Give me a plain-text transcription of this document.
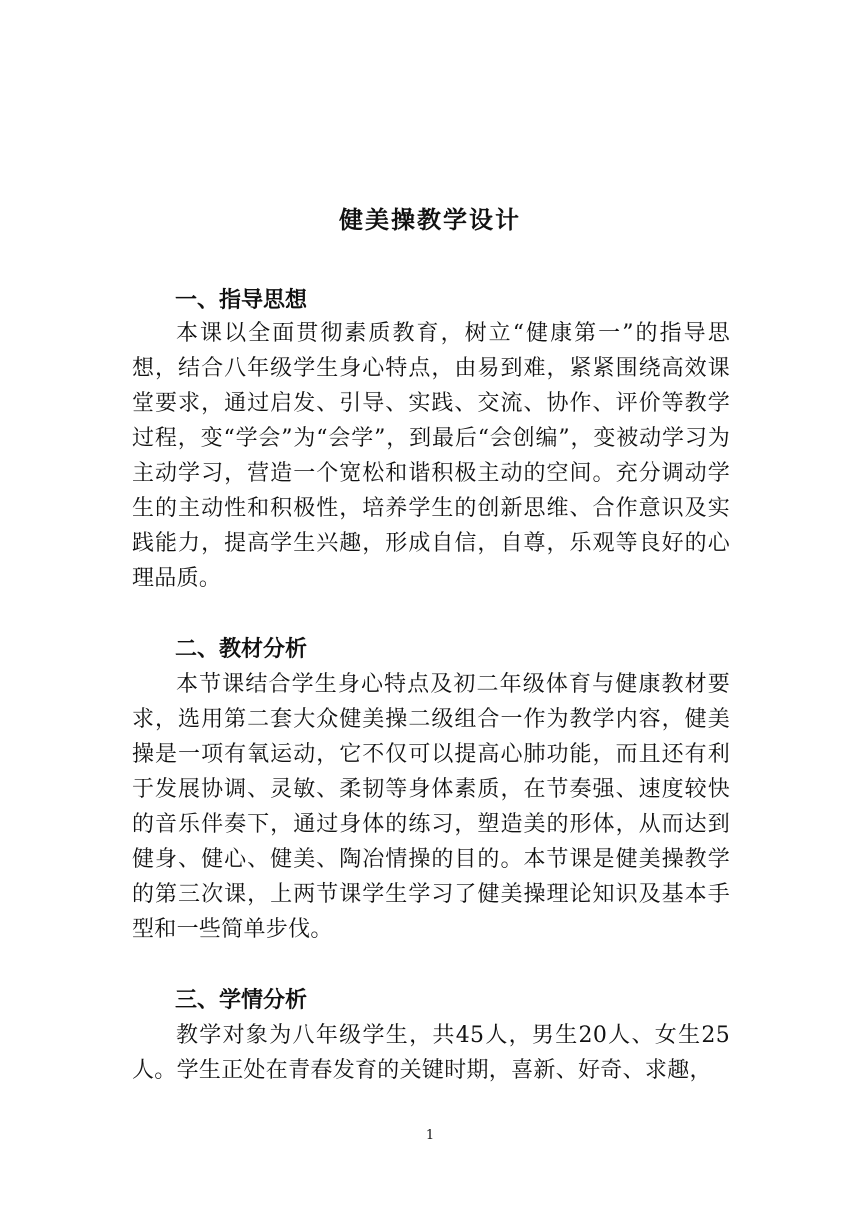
健美操教学设计
一、指导思想
本课以全面贯彻素质教育，树立“健康第一”的指导思想，结合八年级学生身心特点，由易到难，紧紧围绕高效课堂要求，通过启发、引导、实践、交流、协作、评价等教学过程，变“学会”为“会学”，到最后“会创编”，变被动学习为主动学习，营造一个宽松和谐积极主动的空间。充分调动学生的主动性和积极性，培养学生的创新思维、合作意识及实践能力，提高学生兴趣，形成自信，自尊，乐观等良好的心理品质。
二、教材分析
本节课结合学生身心特点及初二年级体育与健康教材要求，选用第二套大众健美操二级组合一作为教学内容，健美操是一项有氧运动，它不仅可以提高心肺功能，而且还有利于发展协调、灵敏、柔韧等身体素质，在节奏强、速度较快的音乐伴奏下，通过身体的练习，塑造美的形体，从而达到健身、健心、健美、陶冶情操的目的。本节课是健美操教学的第三次课，上两节课学生学习了健美操理论知识及基本手型和一些简单步伐。
三、学情分析
教学对象为八年级学生，共45人，男生20人、女生25人。学生正处在青春发育的关键时期，喜新、好奇、求趣，
1
